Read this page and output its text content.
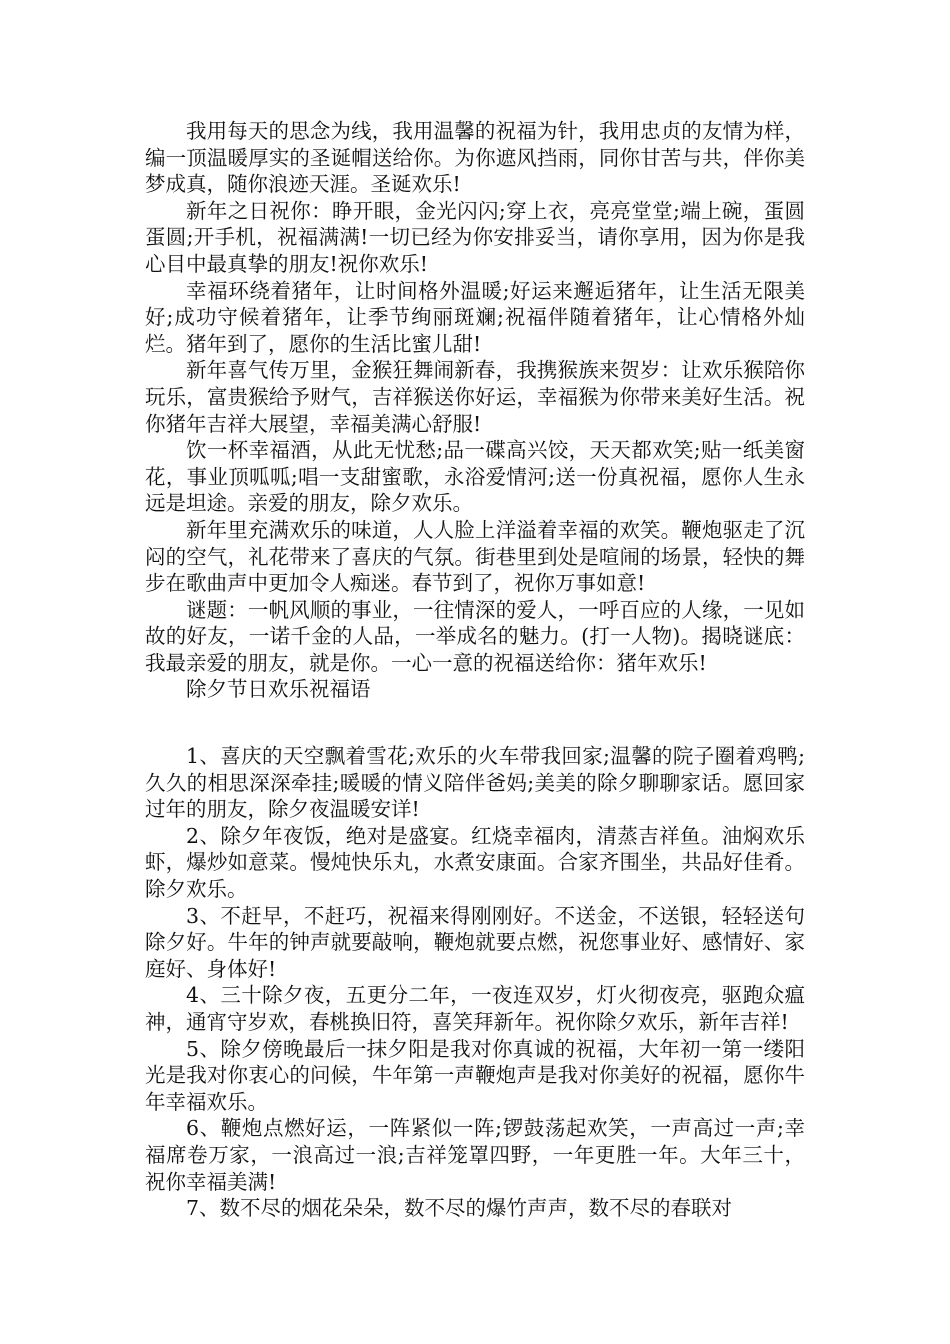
我用每天的思念为线，我用温馨的祝福为针，我用忠贞的友情为样，编一顶温暖厚实的圣诞帽送给你。为你遮风挡雨，同你甘苦与共，伴你美梦成真，随你浪迹天涯。圣诞欢乐!

新年之日祝你：睁开眼，金光闪闪;穿上衣，亮亮堂堂;端上碗，蛋圆蛋圆;开手机，祝福满满!一切已经为你安排妥当，请你享用，因为你是我心目中最真挚的朋友!祝你欢乐!

幸福环绕着猪年，让时间格外温暖;好运来邂逅猪年，让生活无限美好;成功守候着猪年，让季节绚丽斑斓;祝福伴随着猪年，让心情格外灿烂。猪年到了，愿你的生活比蜜儿甜!

新年喜气传万里，金猴狂舞闹新春，我携猴族来贺岁：让欢乐猴陪你玩乐，富贵猴给予财气，吉祥猴送你好运，幸福猴为你带来美好生活。祝你猪年吉祥大展望，幸福美满心舒服!

饮一杯幸福酒，从此无忧愁;品一碟高兴饺，天天都欢笑;贴一纸美窗花，事业顶呱呱;唱一支甜蜜歌，永浴爱情河;送一份真祝福，愿你人生永远是坦途。亲爱的朋友，除夕欢乐。

新年里充满欢乐的味道，人人脸上洋溢着幸福的欢笑。鞭炮驱走了沉闷的空气，礼花带来了喜庆的气氛。街巷里到处是喧闹的场景，轻快的舞步在歌曲声中更加令人痴迷。春节到了，祝你万事如意!

谜题：一帆风顺的事业，一往情深的爱人，一呼百应的人缘，一见如故的好友，一诺千金的人品，一举成名的魅力。(打一人物)。揭晓谜底：我最亲爱的朋友，就是你。一心一意的祝福送给你：猪年欢乐!

除夕节日欢乐祝福语

1、喜庆的天空飘着雪花;欢乐的火车带我回家;温馨的院子圈着鸡鸭;久久的相思深深牵挂;暖暖的情义陪伴爸妈;美美的除夕聊聊家话。愿回家过年的朋友，除夕夜温暖安详!

2、除夕年夜饭，绝对是盛宴。红烧幸福肉，清蒸吉祥鱼。油焖欢乐虾，爆炒如意菜。慢炖快乐丸，水煮安康面。合家齐围坐，共品好佳肴。除夕欢乐。

3、不赶早，不赶巧，祝福来得刚刚好。不送金，不送银，轻轻送句除夕好。牛年的钟声就要敲响，鞭炮就要点燃，祝您事业好、感情好、家庭好、身体好!

4、三十除夕夜，五更分二年，一夜连双岁，灯火彻夜亮，驱跑众瘟神，通宵守岁欢，春桃换旧符，喜笑拜新年。祝你除夕欢乐，新年吉祥!

5、除夕傍晚最后一抹夕阳是我对你真诚的祝福，大年初一第一缕阳光是我对你衷心的问候，牛年第一声鞭炮声是我对你美好的祝福，愿你牛年幸福欢乐。

6、鞭炮点燃好运，一阵紧似一阵;锣鼓荡起欢笑，一声高过一声;幸福席卷万家，一浪高过一浪;吉祥笼罩四野，一年更胜一年。大年三十，祝你幸福美满!

7、数不尽的烟花朵朵，数不尽的爆竹声声，数不尽的春联对
